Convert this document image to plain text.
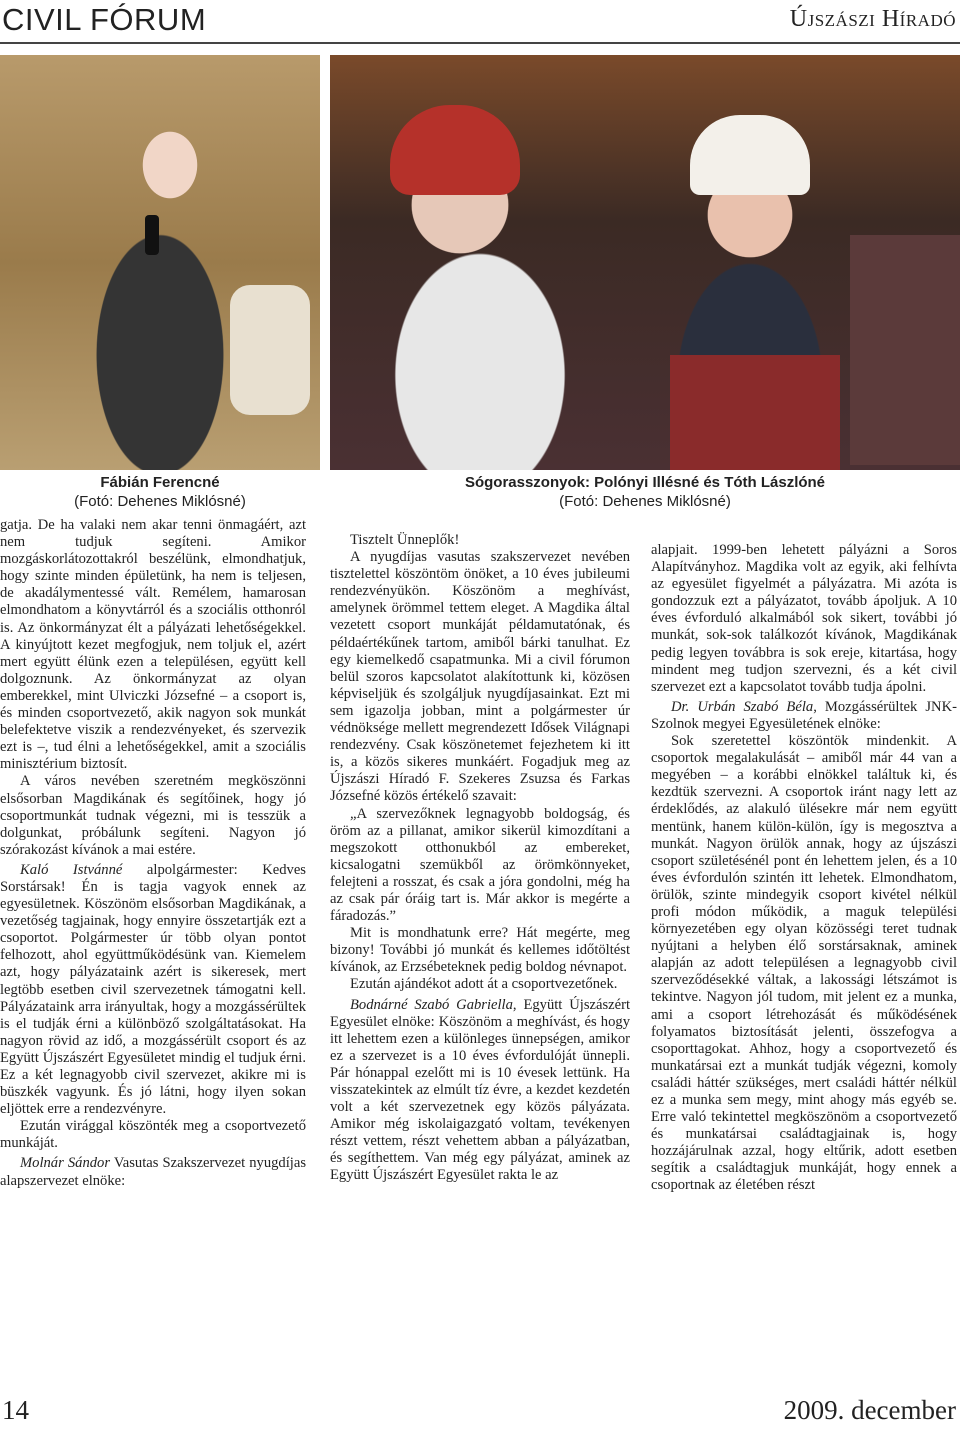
CIVIL FÓRUM	Újszászi Híradó
Fábián Ferencné
(Fotó: Dehenes Miklósné)
Sógorasszonyok: Polónyi Illésné és Tóth Lászlóné
(Fotó: Dehenes Miklósné)

gatja. De ha valaki nem akar tenni önmagáért, azt nem tudjuk segíteni. Amikor mozgáskorlátozottakról beszélünk, elmondhatjuk, hogy szinte minden épületünk, ha nem is teljesen, de akadálymentessé vált. Remélem, hamarosan elmondhatom a könyvtárról és a szociális otthonról is. Az önkormányzat élt a pályázati lehetőségekkel. A kinyújtott kezet megfogjuk, nem toljuk el, azért mert együtt élünk ezen a településen, együtt kell dolgoznunk. Az önkormányzat az olyan emberekkel, mint Ulviczki Józsefné – a csoport is, és minden csoportvezető, akik nagyon sok munkát belefektetve viszik a rendezvényeket, és szervezik ezt is –, tud élni a lehetőségekkel, amit a szociális minisztérium biztosít.

A város nevében szeretném megköszönni elsősorban Magdikának és segítőinek, hogy jó csoportmunkát tudnak végezni, mi is tesszük a dolgunkat, próbálunk segíteni. Nagyon jó szórakozást kívánok a mai estére.

Kaló Istvánné alpolgármester: Kedves Sorstársak! Én is tagja vagyok ennek az egyesületnek. Köszönöm elsősorban Magdikának, a vezetőség tagjainak, hogy ennyire összetartják ezt a csoportot. Polgármester úr több olyan pontot felhozott, ahol együttműködésünk van. Kiemelem azt, hogy pályázataink azért is sikeresek, mert legtöbb esetben civil szervezetnek támogatni kell. Pályázataink arra irányultak, hogy a mozgássérültek is el tudják érni a különböző szolgáltatásokat. Ha nagyon rövid az idő, a mozgássérült csoport és az Együtt Újszászért Egyesületet mindig el tudjuk érni. Ez a két legnagyobb civil szervezet, akikre mi is büszkék vagyunk. És jó látni, hogy ilyen sokan eljöttek erre a rendezvényre.

Ezután virággal köszönték meg a csoportvezető munkáját.

Molnár Sándor Vasutas Szakszervezet nyugdíjas alapszervezet elnöke:

Tisztelt Ünneplők!

A nyugdíjas vasutas szakszervezet nevében tisztelettel köszöntöm önöket, a 10 éves jubileumi rendezvényükön. Köszönöm a meghívást, amelynek örömmel tettem eleget. A Magdika által vezetett csoport munkáját példamutatónak, és példaértékűnek tartom, amiből bárki tanulhat. Ez egy kiemelkedő csapatmunka. Mi a civil fórumon belül szoros kapcsolatot alakítottunk ki, közösen képviseljük és szolgáljuk nyugdíjasainkat. Ezt mi sem igazolja jobban, mint a polgármester úr védnöksége mellett megrendezett Idősek Világnapi rendezvény. Csak köszönetemet fejezhetem ki itt is, a közös sikeres munkáért. Fogadjuk meg az Újszászi Híradó F. Szekeres Zsuzsa és Farkas Józsefné közös értékelő szavait:

„A szervezőknek legnagyobb boldogság, és öröm az a pillanat, amikor sikerül kimozdítani a megszokott otthonukból az embereket, kicsalogatni szemükből az örömkönnyeket, felejteni a rosszat, és csak a jóra gondolni, még ha az csak pár óráig tart is. Már akkor is megérte a fáradozás.”

Mit is mondhatunk erre? Hát megérte, meg bizony! További jó munkát és kellemes időtöltést kívánok, az Erzsébeteknek pedig boldog névnapot.

Ezután ajándékot adott át a csoportvezetőnek.

Bodnárné Szabó Gabriella, Együtt Újszászért Egyesület elnöke: Köszönöm a meghívást, és hogy itt lehettem ezen a különleges ünnepségen, amikor ez a szervezet is a 10 éves évfordulóját ünnepli. Pár hónappal ezelőtt mi is 10 évesek lettünk. Ha visszatekintek az elmúlt tíz évre, a kezdet kezdetén volt a két szervezetnek egy közös pályázata. Amikor még iskolaigazgató voltam, tevékenyen részt vettem, részt vehettem abban a pályázatban, és segíthettem. Van még egy pályázat, aminek az Együtt Újszászért Egyesület rakta le az

alapjait. 1999-ben lehetett pályázni a Soros Alapítványhoz. Magdika volt az egyik, aki felhívta az egyesület figyelmét a pályázatra. Mi azóta is gondozzuk ezt a pályázatot, tovább ápoljuk. A 10 éves évforduló alkalmából sok sikert, további jó munkát, sok-sok találkozót kívánok, Magdikának pedig legyen továbbra is sok ereje, kitartása, hogy mindent meg tudjon szervezni, és a két civil szervezet ezt a kapcsolatot tovább tudja ápolni.

Dr. Urbán Szabó Béla, Mozgássérültek JNK-Szolnok megyei Egyesületének elnöke:

Sok szeretettel köszöntök mindenkit. A csoportok megalakulását – amiből már 44 van a megyében – a korábbi elnökkel találtuk ki, és kezdtük szervezni. A csoportok iránt nagy lett az érdeklődés, az alakuló ülésekre már nem együtt mentünk, hanem külön-külön, így is megosztva a munkát. Nagyon örülök annak, hogy az újszászi csoport születésénél pont én lehettem jelen, és a 10 éves évfordulón szintén itt lehetek. Elmondhatom, örülök, szinte mindegyik csoport kivétel nélkül profi módon működik, a maguk települési környezetében egy olyan közösségi teret tudnak nyújtani a helyben élő sorstársaknak, aminek alapján az adott településen a legnagyobb civil szerveződésekké váltak, a lakossági létszámot is tekintve. Nagyon jól tudom, mit jelent ez a munka, ami a csoport létrehozását és működésének folyamatos biztosítását jelenti, összefogva a csoporttagokat. Ahhoz, hogy a csoportvezető és munkatársai ezt a munkát tudják végezni, komoly családi háttér szükséges, mert családi háttér nélkül ez a munka sem megy, mint ahogy más egyéb se. Erre való tekintettel megköszönöm a csoportvezető és munkatársai családtagjainak is, hogy hozzájárulnak azzal, hogy eltűrik, adott esetben segítik a családtagjuk munkáját, hogy ennek a csoportnak az életében részt

14	2009. december
